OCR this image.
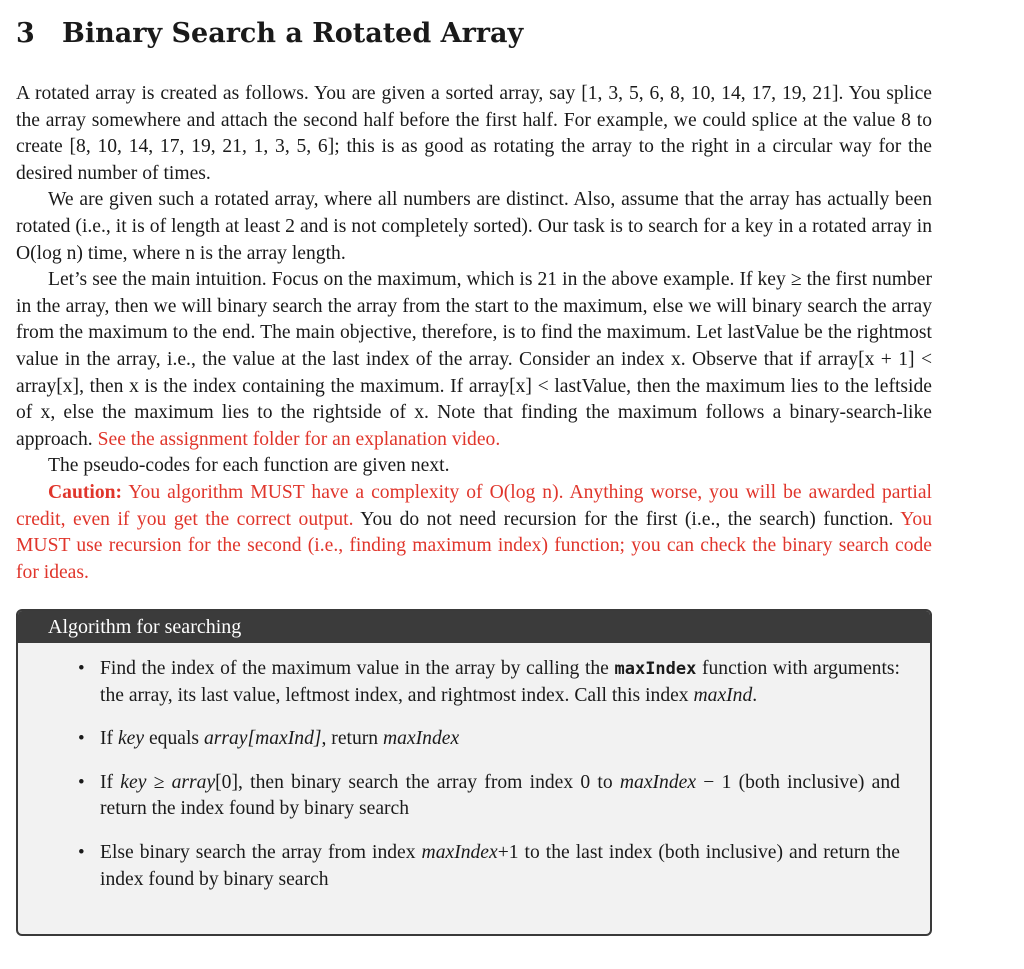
3 Binary Search a Rotated Array

A rotated array is created as follows. You are given a sorted array, say [1, 3, 5, 6, 8, 10, 14, 17, 19, 21]. You splice the array somewhere and attach the second half before the first half. For example, we could splice at the value 8 to create [8, 10, 14, 17, 19, 21, 1, 3, 5, 6]; this is as good as rotating the array to the right in a circular way for the desired number of times.

We are given such a rotated array, where all numbers are distinct. Also, assume that the array has actually been rotated (i.e., it is of length at least 2 and is not completely sorted). Our task is to search for a key in a rotated array in O(log n) time, where n is the array length.

Let’s see the main intuition. Focus on the maximum, which is 21 in the above example. If key ≥ the first number in the array, then we will binary search the array from the start to the maximum, else we will binary search the array from the maximum to the end. The main objective, therefore, is to find the maximum. Let lastValue be the rightmost value in the array, i.e., the value at the last index of the array. Consider an index x. Observe that if array[x + 1] < array[x], then x is the index containing the maximum. If array[x] < lastValue, then the maximum lies to the leftside of x, else the maximum lies to the rightside of x. Note that finding the maximum follows a binary-search-like approach. See the assignment folder for an explanation video.

The pseudo-codes for each function are given next.

Caution: You algorithm MUST have a complexity of O(log n). Anything worse, you will be awarded partial credit, even if you get the correct output. You do not need recursion for the first (i.e., the search) function. You MUST use recursion for the second (i.e., finding maximum index) function; you can check the binary search code for ideas.

Algorithm for searching
• Find the index of the maximum value in the array by calling the maxIndex function with arguments: the array, its last value, leftmost index, and rightmost index. Call this index maxInd.
• If key equals array[maxInd], return maxIndex
• If key ≥ array[0], then binary search the array from index 0 to maxIndex − 1 (both inclusive) and return the index found by binary search
• Else binary search the array from index maxIndex+1 to the last index (both inclusive) and return the index found by binary search
